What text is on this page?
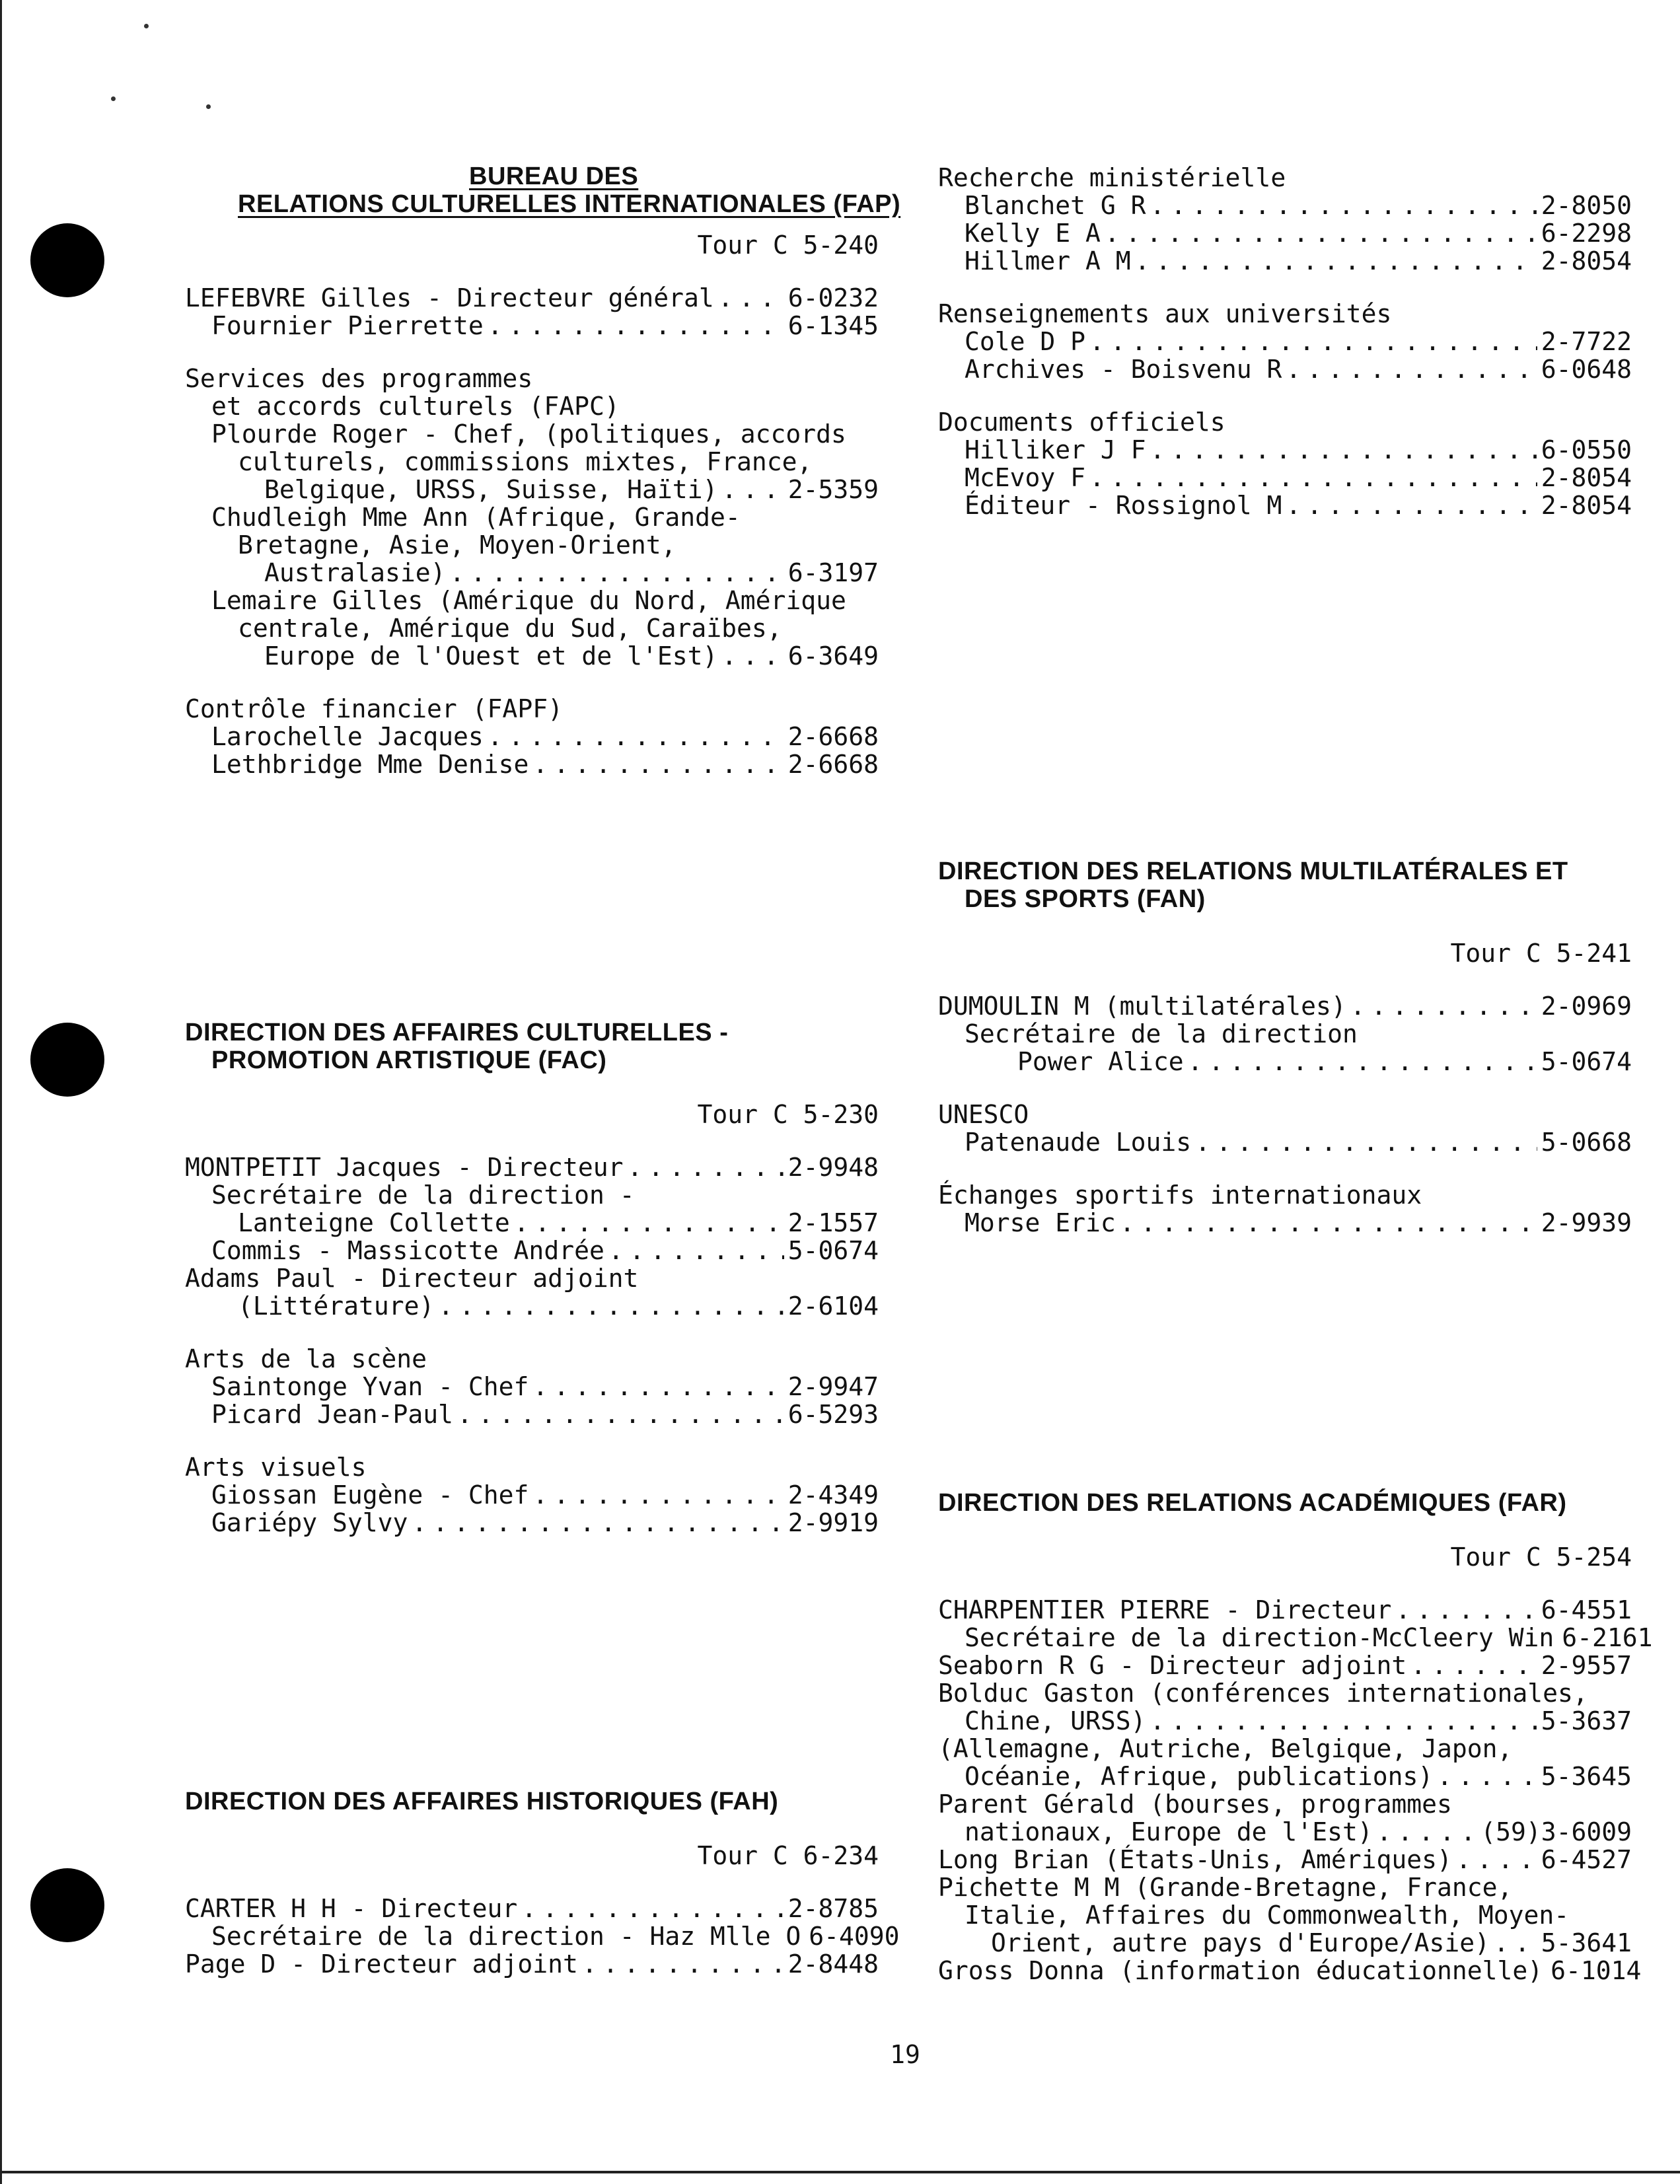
BUREAU DES
RELATIONS CULTURELLES INTERNATIONALES (FAP)
Tour C 5-240
LEFEBVRE Gilles - Directeur général . . .	6-0232
Fournier Pierrette . . .	6-1345
Services des programmes
et accords culturels (FAPC)
Plourde Roger - Chef, (politiques, accords
culturels, commissions mixtes, France,
Belgique, URSS, Suisse, Haïti) . . .	2-5359
Chudleigh Mme Ann (Afrique, Grande-
Bretagne, Asie, Moyen-Orient,
Australasie) . . .	6-3197
Lemaire Gilles (Amérique du Nord, Amérique
centrale, Amérique du Sud, Caraïbes,
Europe de l'Ouest et de l'Est) . . .	6-3649
Contrôle financier (FAPF)
Larochelle Jacques . . .	2-6668
Lethbridge Mme Denise . . .	2-6668
DIRECTION DES AFFAIRES CULTURELLES -
PROMOTION ARTISTIQUE (FAC)
Tour C 5-230
MONTPETIT Jacques - Directeur . . .	2-9948
Secrétaire de la direction -
Lanteigne Collette . . .	2-1557
Commis - Massicotte Andrée . . .	5-0674
Adams Paul - Directeur adjoint
(Littérature) . . .	2-6104
Arts de la scène
Saintonge Yvan - Chef . . .	2-9947
Picard Jean-Paul . . .	6-5293
Arts visuels
Giossan Eugène - Chef . . .	2-4349
Gariépy Sylvy . . .	2-9919
DIRECTION DES AFFAIRES HISTORIQUES (FAH)
Tour C 6-234
CARTER H H - Directeur . . .	2-8785
Secrétaire de la direction - Haz Mlle O 6-4090
Page D - Directeur adjoint . . .	2-8448
Recherche ministérielle
Blanchet G R . . .	2-8050
Kelly E A . . .	6-2298
Hillmer A M . . .	2-8054
Renseignements aux universités
Cole D P . . .	2-7722
Archives - Boisvenu R . . .	6-0648
Documents officiels
Hilliker J F . . .	6-0550
McEvoy F . . .	2-8054
Éditeur - Rossignol M . . .	2-8054
DIRECTION DES RELATIONS MULTILATÉRALES ET
DES SPORTS (FAN)
Tour C 5-241
DUMOULIN M (multilatérales) . . .	2-0969
Secrétaire de la direction
Power Alice . . .	5-0674
UNESCO
Patenaude Louis . . .	5-0668
Échanges sportifs internationaux
Morse Eric . . .	2-9939
DIRECTION DES RELATIONS ACADÉMIQUES (FAR)
Tour C 5-254
CHARPENTIER PIERRE - Directeur . . .	6-4551
Secrétaire de la direction-McCleery Win 6-2161
Seaborn R G - Directeur adjoint . . .	2-9557
Bolduc Gaston (conférences internationales,
Chine, URSS) . . .	5-3637
(Allemagne, Autriche, Belgique, Japon,
Océanie, Afrique, publications) . . .	5-3645
Parent Gérald (bourses, programmes
nationaux, Europe de l'Est) . . .	(59)3-6009
Long Brian (États-Unis, Amériques) . . .	6-4527
Pichette M M (Grande-Bretagne, France,
Italie, Affaires du Commonwealth, Moyen-
Orient, autre pays d'Europe/Asie) . . . 5-3641
Gross Donna (information éducationnelle) 6-1014
19
